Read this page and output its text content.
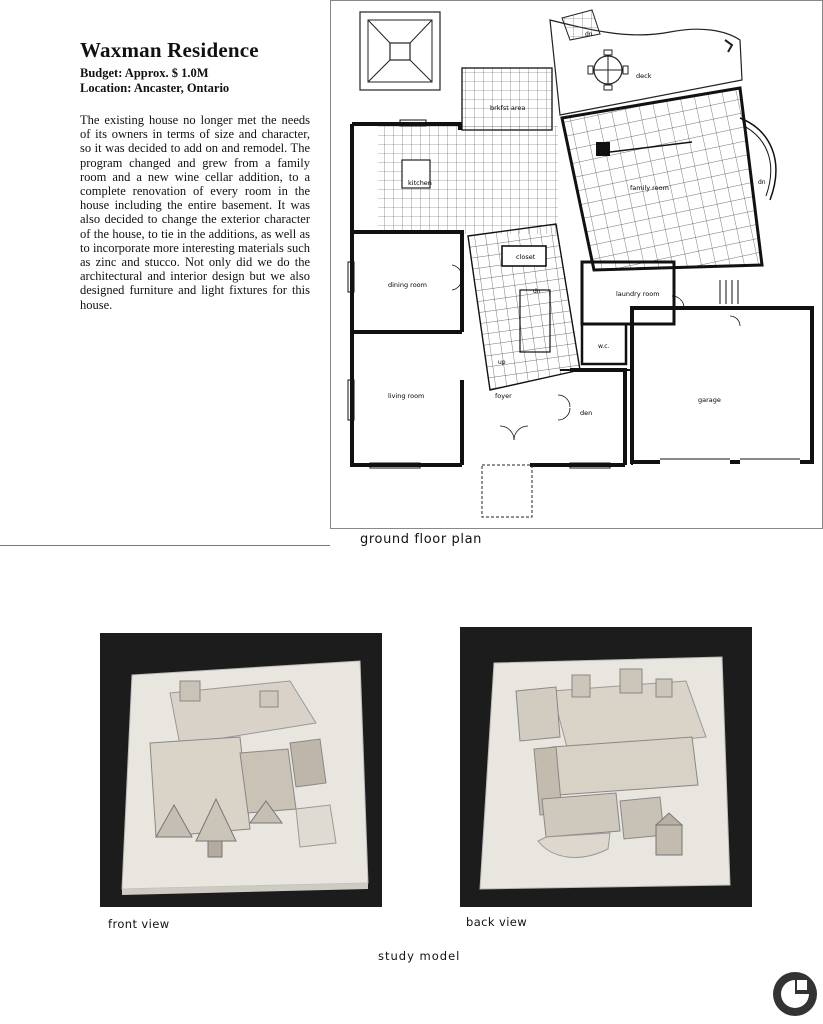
Waxman Residence
Budget: Approx. $ 1.0M
Location: Ancaster, Ontario
The existing house no longer met the needs of its owners in terms of size and character, so it was decided to add on and remodel. The program changed and grew from a family room and a new wine cellar addition, to a complete renovation of every room in the house including the entire basement. It was also decided to change the exterior character of the house, to tie in the additions, as well as to incorporate more interesting materials such as zinc and stucco. Not only did we do the architectural and interior design but we also designed furniture and light fixtures for this house.
brkfst area
kitchen
family room
deck
dining room
closet
laundry room
w.c.
living room	foyer
den
garage
dn
dn
dn
up
ground floor plan
front view	back view
study model
